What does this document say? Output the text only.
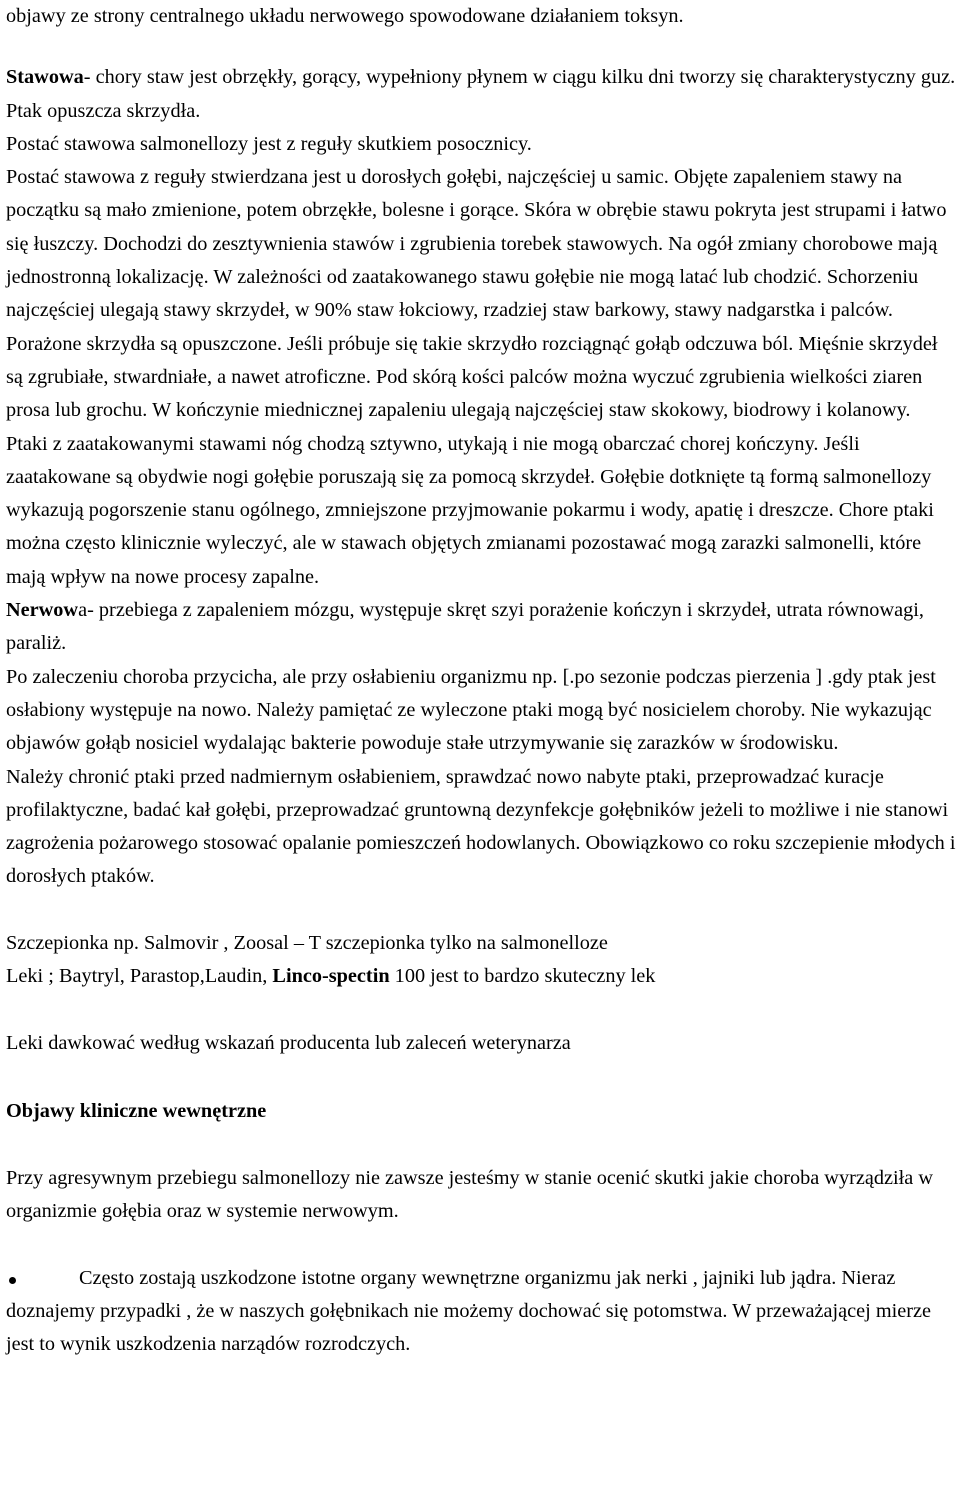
objawy ze strony centralnego układu nerwowego spowodowane działaniem toksyn.

Stawowa- chory staw jest obrzękły, gorący, wypełniony płynem w ciągu kilku dni tworzy się charakterystyczny guz. Ptak opuszcza skrzydła.

Postać stawowa salmonellozy jest z reguły skutkiem posocznicy.

Postać stawowa z reguły stwierdzana jest u dorosłych gołębi, najczęściej u samic. Objęte zapaleniem stawy na początku są mało zmienione, potem obrzękłe, bolesne i gorące. Skóra w obrębie stawu pokryta jest strupami i łatwo się łuszczy. Dochodzi do zesztywnienia stawów i zgrubienia torebek stawowych. Na ogół zmiany chorobowe mają jednostronną lokalizację. W zależności od zaatakowanego stawu gołębie nie mogą latać lub chodzić. Schorzeniu najczęściej ulegają stawy skrzydeł, w 90% staw łokciowy, rzadziej staw barkowy, stawy nadgarstka i palców. Porażone skrzydła są opuszczone. Jeśli próbuje się takie skrzydło rozciągnąć gołąb odczuwa ból. Mięśnie skrzydeł są zgrubiałe, stwardniałe, a nawet atroficzne. Pod skórą kości palców można wyczuć zgrubienia wielkości ziaren prosa lub grochu. W kończynie miednicznej zapaleniu ulegają najczęściej staw skokowy, biodrowy i kolanowy. Ptaki z zaatakowanymi stawami nóg chodzą sztywno, utykają i nie mogą obarczać chorej kończyny. Jeśli zaatakowane są obydwie nogi gołębie poruszają się za pomocą skrzydeł. Gołębie dotknięte tą formą salmonellozy wykazują pogorszenie stanu ogólnego, zmniejszone przyjmowanie pokarmu i wody, apatię i dreszcze. Chore ptaki można często klinicznie wyleczyć, ale w stawach objętych zmianami pozostawać mogą zarazki salmonelli, które mają wpływ na nowe procesy zapalne.

Nerwowa- przebiega z zapaleniem mózgu, występuje skręt szyi porażenie kończyn i skrzydeł, utrata równowagi, paraliż.

Po zaleczeniu choroba przycicha, ale przy osłabieniu organizmu np. [.po sezonie podczas pierzenia ] .gdy ptak jest osłabiony występuje na nowo. Należy pamiętać ze wyleczone ptaki mogą być nosicielem choroby. Nie wykazując objawów gołąb nosiciel wydalając bakterie powoduje stałe utrzymywanie się zarazków w środowisku.

Należy chronić ptaki przed nadmiernym osłabieniem, sprawdzać nowo nabyte ptaki, przeprowadzać kuracje profilaktyczne, badać kał gołębi, przeprowadzać gruntowną dezynfekcje gołębników jeżeli to możliwe i nie stanowi zagrożenia pożarowego stosować opalanie pomieszczeń hodowlanych. Obowiązkowo co roku szczepienie młodych i dorosłych ptaków.

Szczepionka np. Salmovir , Zoosal – T szczepionka tylko na salmonelloze

Leki ; Baytryl, Parastop,Laudin, Linco-spectin 100 jest to bardzo skuteczny lek

Leki dawkować według wskazań producenta lub zaleceń weterynarza

Objawy kliniczne wewnętrzne

Przy agresywnym przebiegu salmonellozy nie zawsze jesteśmy w stanie ocenić skutki jakie choroba wyrządziła w organizmie gołębia oraz w systemie nerwowym.

Często zostają uszkodzone istotne organy wewnętrzne organizmu jak nerki , jajniki lub jądra. Nieraz doznajemy przypadki , że w naszych gołębnikach nie możemy dochować się potomstwa. W przeważającej mierze jest to wynik uszkodzenia narządów rozrodczych.
